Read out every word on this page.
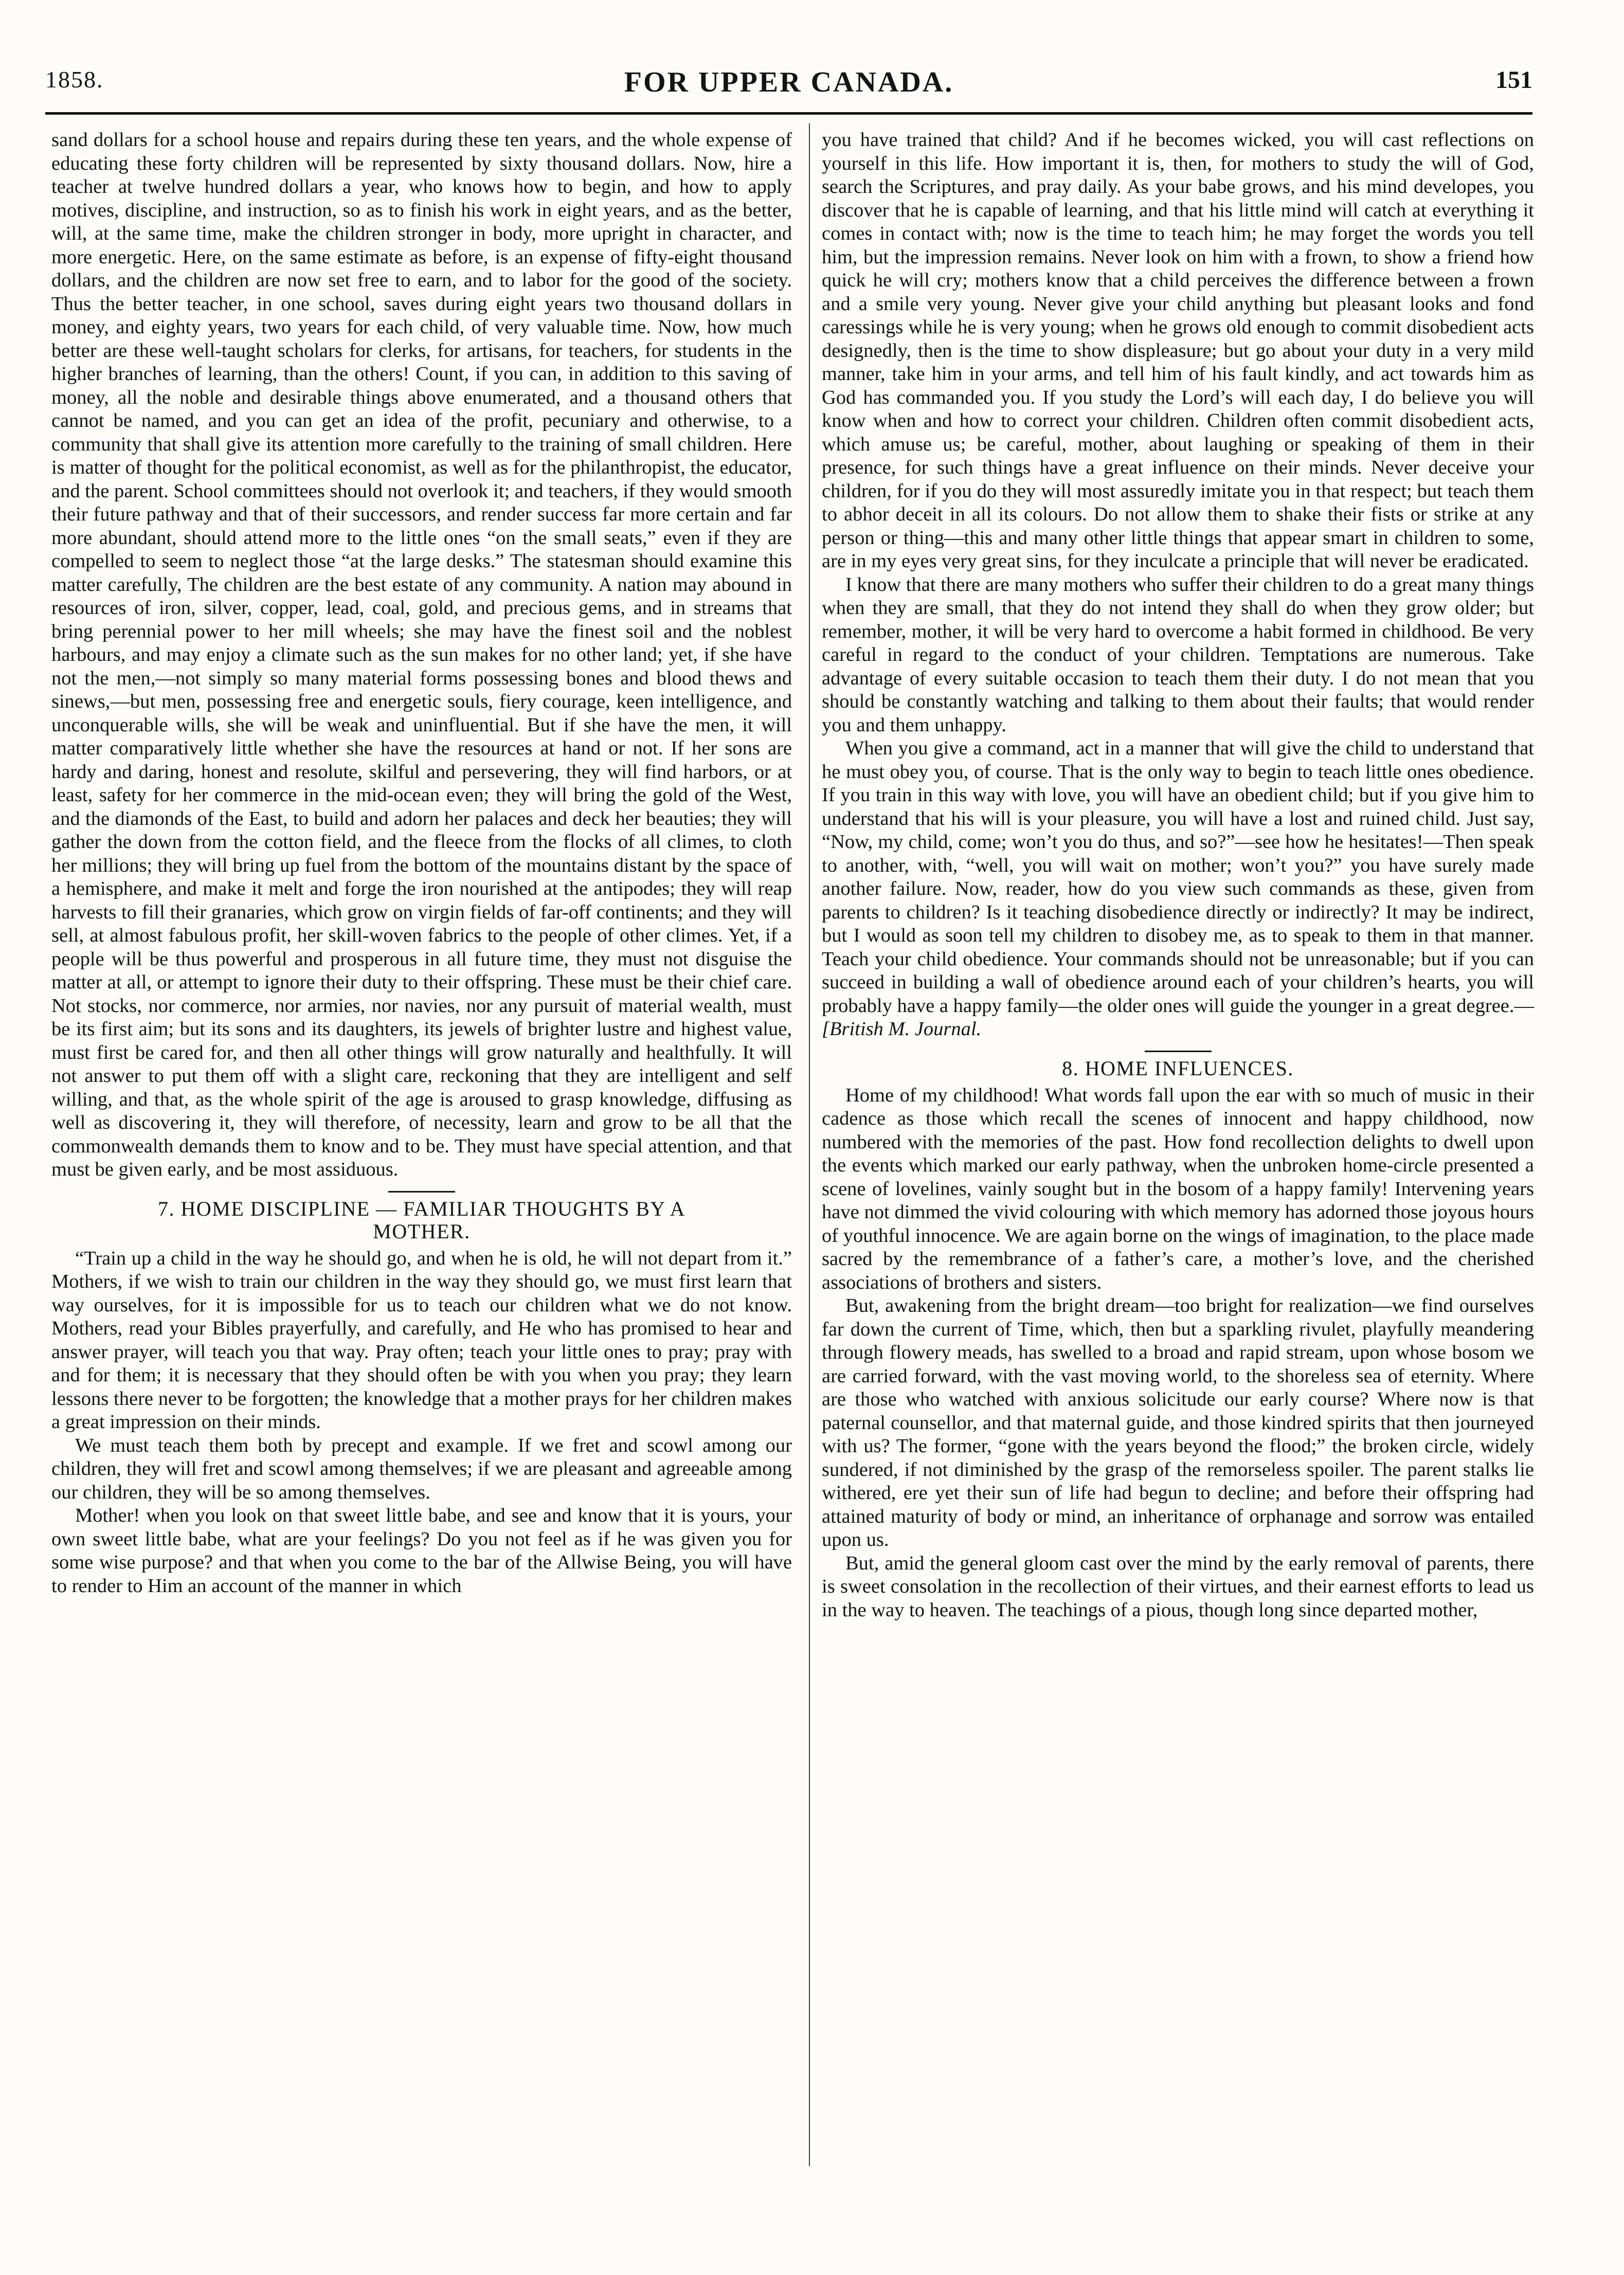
1858.	FOR UPPER CANADA.	151

sand dollars for a school house and repairs during these ten years, and the whole expense of educating these forty children will be represented by sixty thousand dollars. Now, hire a teacher at twelve hundred dollars a year, who knows how to begin, and how to apply motives, discipline, and instruction, so as to finish his work in eight years, and as the better, will, at the same time, make the children stronger in body, more upright in character, and more energetic. Here, on the same estimate as before, is an expense of fifty-eight thousand dollars, and the children are now set free to earn, and to labor for the good of the society. Thus the better teacher, in one school, saves during eight years two thousand dollars in money, and eighty years, two years for each child, of very valuable time. Now, how much better are these well-taught scholars for clerks, for artisans, for teachers, for students in the higher branches of learning, than the others! Count, if you can, in addition to this saving of money, all the noble and desirable things above enumerated, and a thousand others that cannot be named, and you can get an idea of the profit, pecuniary and otherwise, to a community that shall give its attention more carefully to the training of small children. Here is matter of thought for the political economist, as well as for the philanthropist, the educator, and the parent. School committees should not overlook it; and teachers, if they would smooth their future pathway and that of their successors, and render success far more certain and far more abundant, should attend more to the little ones “on the small seats,” even if they are compelled to seem to neglect those “at the large desks.” The statesman should examine this matter carefully, The children are the best estate of any community. A nation may abound in resources of iron, silver, copper, lead, coal, gold, and precious gems, and in streams that bring perennial power to her mill wheels; she may have the finest soil and the noblest harbours, and may enjoy a climate such as the sun makes for no other land; yet, if she have not the men,—not simply so many material forms possessing bones and blood thews and sinews,—but men, possessing free and energetic souls, fiery courage, keen intelligence, and unconquerable wills, she will be weak and uninfluential. But if she have the men, it will matter comparatively little whether she have the resources at hand or not. If her sons are hardy and daring, honest and resolute, skilful and persevering, they will find harbors, or at least, safety for her commerce in the mid-ocean even; they will bring the gold of the West, and the diamonds of the East, to build and adorn her palaces and deck her beauties; they will gather the down from the cotton field, and the fleece from the flocks of all climes, to cloth her millions; they will bring up fuel from the bottom of the mountains distant by the space of a hemisphere, and make it melt and forge the iron nourished at the antipodes; they will reap harvests to fill their granaries, which grow on virgin fields of far-off continents; and they will sell, at almost fabulous profit, her skill-woven fabrics to the people of other climes. Yet, if a people will be thus powerful and prosperous in all future time, they must not disguise the matter at all, or attempt to ignore their duty to their offspring. These must be their chief care. Not stocks, nor commerce, nor armies, nor navies, nor any pursuit of material wealth, must be its first aim; but its sons and its daughters, its jewels of brighter lustre and highest value, must first be cared for, and then all other things will grow naturally and healthfully. It will not answer to put them off with a slight care, reckoning that they are intelligent and self willing, and that, as the whole spirit of the age is aroused to grasp knowledge, diffusing as well as discovering it, they will therefore, of necessity, learn and grow to be all that the commonwealth demands them to know and to be. They must have special attention, and that must be given early, and be most assiduous.

7. HOME DISCIPLINE — FAMILIAR THOUGHTS BY A
MOTHER.

“Train up a child in the way he should go, and when he is old, he will not depart from it.” Mothers, if we wish to train our children in the way they should go, we must first learn that way ourselves, for it is impossible for us to teach our children what we do not know. Mothers, read your Bibles prayerfully, and carefully, and He who has promised to hear and answer prayer, will teach you that way. Pray often; teach your little ones to pray; pray with and for them; it is necessary that they should often be with you when you pray; they learn lessons there never to be forgotten; the knowledge that a mother prays for her children makes a great impression on their minds.

We must teach them both by precept and example. If we fret and scowl among our children, they will fret and scowl among themselves; if we are pleasant and agreeable among our children, they will be so among themselves.

Mother! when you look on that sweet little babe, and see and know that it is yours, your own sweet little babe, what are your feelings? Do you not feel as if he was given you for some wise purpose? and that when you come to the bar of the Allwise Being, you will have to render to Him an account of the manner in which

you have trained that child? And if he becomes wicked, you will cast reflections on yourself in this life. How important it is, then, for mothers to study the will of God, search the Scriptures, and pray daily. As your babe grows, and his mind developes, you discover that he is capable of learning, and that his little mind will catch at everything it comes in contact with; now is the time to teach him; he may forget the words you tell him, but the impression remains. Never look on him with a frown, to show a friend how quick he will cry; mothers know that a child perceives the difference between a frown and a smile very young. Never give your child anything but pleasant looks and fond caressings while he is very young; when he grows old enough to commit disobedient acts designedly, then is the time to show displeasure; but go about your duty in a very mild manner, take him in your arms, and tell him of his fault kindly, and act towards him as God has commanded you. If you study the Lord’s will each day, I do believe you will know when and how to correct your children. Children often commit disobedient acts, which amuse us; be careful, mother, about laughing or speaking of them in their presence, for such things have a great influence on their minds. Never deceive your children, for if you do they will most assuredly imitate you in that respect; but teach them to abhor deceit in all its colours. Do not allow them to shake their fists or strike at any person or thing—this and many other little things that appear smart in children to some, are in my eyes very great sins, for they inculcate a principle that will never be eradicated.

I know that there are many mothers who suffer their children to do a great many things when they are small, that they do not intend they shall do when they grow older; but remember, mother, it will be very hard to overcome a habit formed in childhood. Be very careful in regard to the conduct of your children. Temptations are numerous. Take advantage of every suitable occasion to teach them their duty. I do not mean that you should be constantly watching and talking to them about their faults; that would render you and them unhappy.

When you give a command, act in a manner that will give the child to understand that he must obey you, of course. That is the only way to begin to teach little ones obedience. If you train in this way with love, you will have an obedient child; but if you give him to understand that his will is your pleasure, you will have a lost and ruined child. Just say, “Now, my child, come; won’t you do thus, and so?”—see how he hesitates!—Then speak to another, with, “well, you will wait on mother; won’t you?” you have surely made another failure. Now, reader, how do you view such commands as these, given from parents to children? Is it teaching disobedience directly or indirectly? It may be indirect, but I would as soon tell my children to disobey me, as to speak to them in that manner. Teach your child obedience. Your commands should not be unreasonable; but if you can succeed in building a wall of obedience around each of your children’s hearts, you will probably have a happy family—the older ones will guide the younger in a great degree.—[British M. Journal.

8. HOME INFLUENCES.

Home of my childhood! What words fall upon the ear with so much of music in their cadence as those which recall the scenes of innocent and happy childhood, now numbered with the memories of the past. How fond recollection delights to dwell upon the events which marked our early pathway, when the unbroken home-circle presented a scene of lovelines, vainly sought but in the bosom of a happy family! Intervening years have not dimmed the vivid colouring with which memory has adorned those joyous hours of youthful innocence. We are again borne on the wings of imagination, to the place made sacred by the remembrance of a father’s care, a mother’s love, and the cherished associations of brothers and sisters.

But, awakening from the bright dream—too bright for realization—we find ourselves far down the current of Time, which, then but a sparkling rivulet, playfully meandering through flowery meads, has swelled to a broad and rapid stream, upon whose bosom we are carried forward, with the vast moving world, to the shoreless sea of eternity. Where are those who watched with anxious solicitude our early course? Where now is that paternal counsellor, and that maternal guide, and those kindred spirits that then journeyed with us? The former, “gone with the years beyond the flood;” the broken circle, widely sundered, if not diminished by the grasp of the remorseless spoiler. The parent stalks lie withered, ere yet their sun of life had begun to decline; and before their offspring had attained maturity of body or mind, an inheritance of orphanage and sorrow was entailed upon us.

But, amid the general gloom cast over the mind by the early removal of parents, there is sweet consolation in the recollection of their virtues, and their earnest efforts to lead us in the way to heaven. The teachings of a pious, though long since departed mother,
